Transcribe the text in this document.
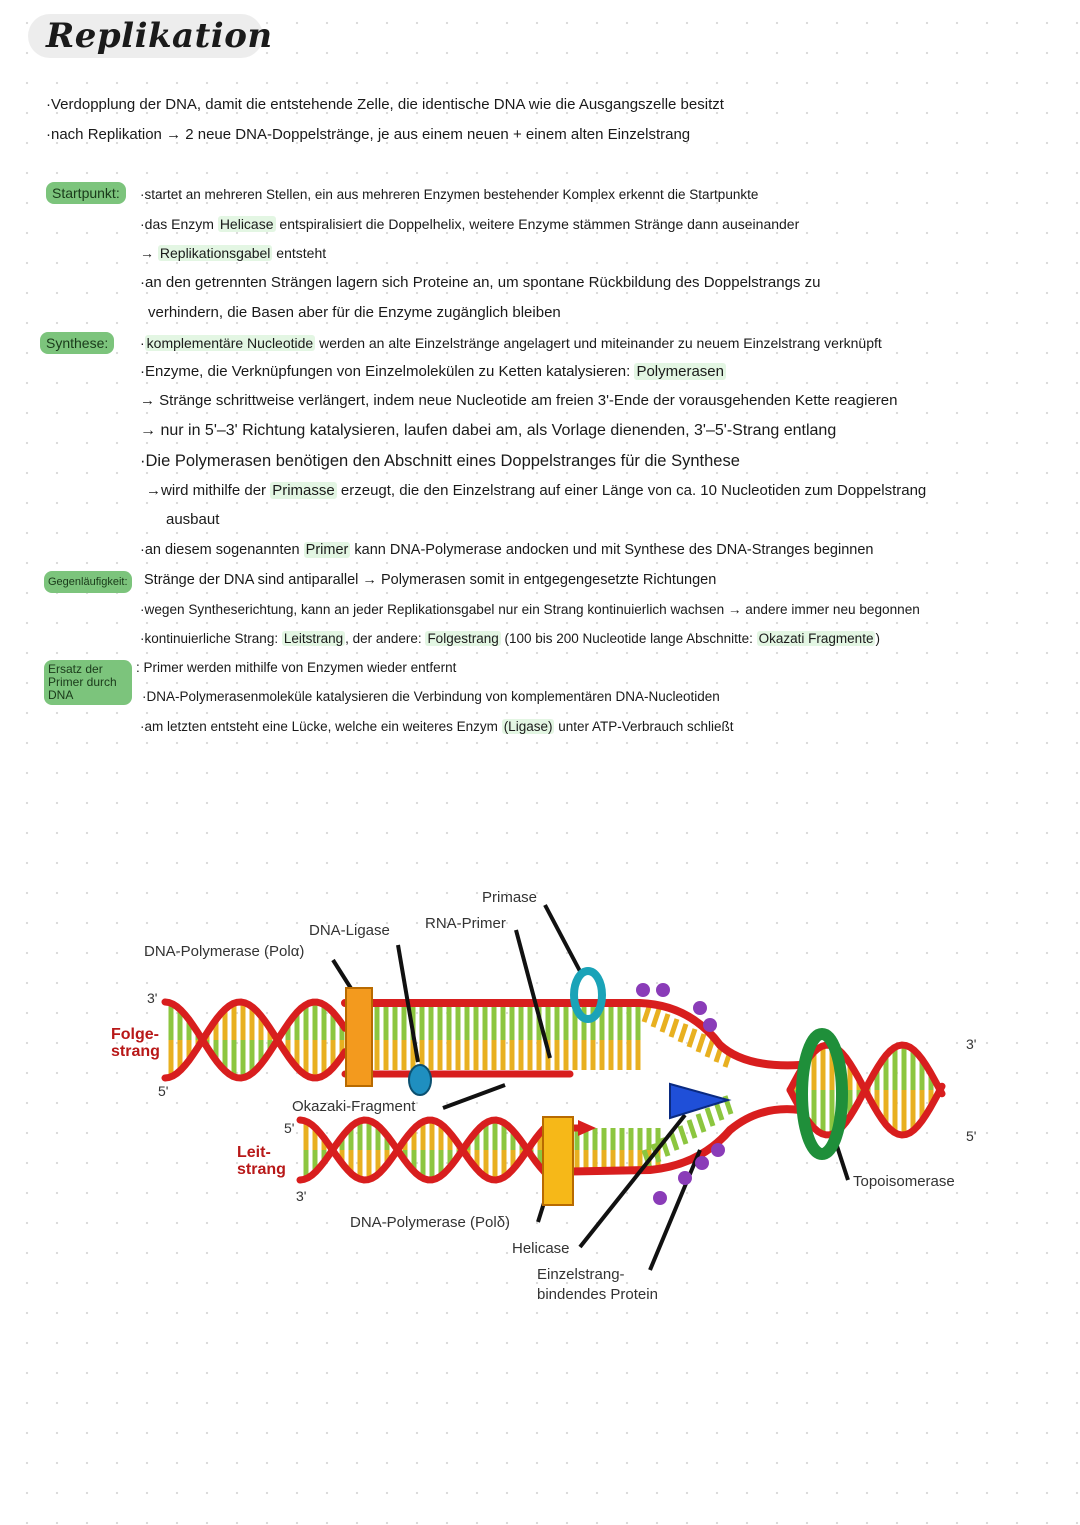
Replikation
·Verdopplung der DNA, damit die entstehende Zelle, die identische DNA wie die Ausgangszelle besitzt
·nach Replikation → 2 neue DNA-Doppelstränge, je aus einem neuen + einem alten Einzelstrang
Startpunkt:	·startet an mehreren Stellen, ein aus mehreren Enzymen bestehender Komplex erkennt die Startpunkte
·das Enzym Helicase entspiralisiert die Doppelhelix, weitere Enzyme stämmen Stränge dann auseinander
→ Replikationsgabel entsteht
·an den getrennten Strängen lagern sich Proteine an, um spontane Rückbildung des Doppelstrangs zu
verhindern, die Basen aber für die Enzyme zugänglich bleiben
Synthese:	· komplementäre Nucleotide werden an alte Einzelstränge angelagert und miteinander zu neuem Einzelstrang verknüpft
·Enzyme, die Verknüpfungen von Einzelmolekülen zu Ketten katalysieren: Polymerasen
→ Stränge schrittweise verlängert, indem neue Nucleotide am freien 3'-Ende der vorausgehenden Kette reagieren
→ nur in 5'–3' Richtung katalysieren, laufen dabei am, als Vorlage dienenden, 3'–5'-Strang entlang
·Die Polymerasen benötigen den Abschnitt eines Doppelstranges für die Synthese
→wird mithilfe der Primasse erzeugt, die den Einzelstrang auf einer Länge von ca. 10 Nucleotiden zum Doppelstrang
ausbaut
·an diesem sogenannten Primer kann DNA-Polymerase andocken und mit Synthese des DNA-Stranges beginnen
Gegenläufigkeit: Stränge der DNA sind antiparallel → Polymerasen somit in entgegengesetzte Richtungen
·wegen Syntheserichtung, kann an jeder Replikationsgabel nur ein Strang kontinuierlich wachsen → andere immer neu begonnen
·kontinuierliche Strang: Leitstrang , der andere: Folgestrang (100 bis 200 Nucleotide lange Abschnitte: Okazati Fragmente )
Ersatz der Primer durch DNA
: Primer werden mithilfe von Enzymen wieder entfernt
·DNA-Polymerasenmoleküle katalysieren die Verbindung von komplementären DNA-Nucleotiden
·am letzten entsteht eine Lücke, welche ein weiteres Enzym (Ligase) unter ATP-Verbrauch schließt
Primase
RNA-Primer
DNA-Ligase
DNA-Polymerase (Polα)
3'
Folge-
strang
5'
Okazaki-Fragment
5'
Leit-
strang
3'
DNA-Polymerase (Polδ)
Helicase
Einzelstrang-
bindendes Protein
Topoisomerase
3'
5'
